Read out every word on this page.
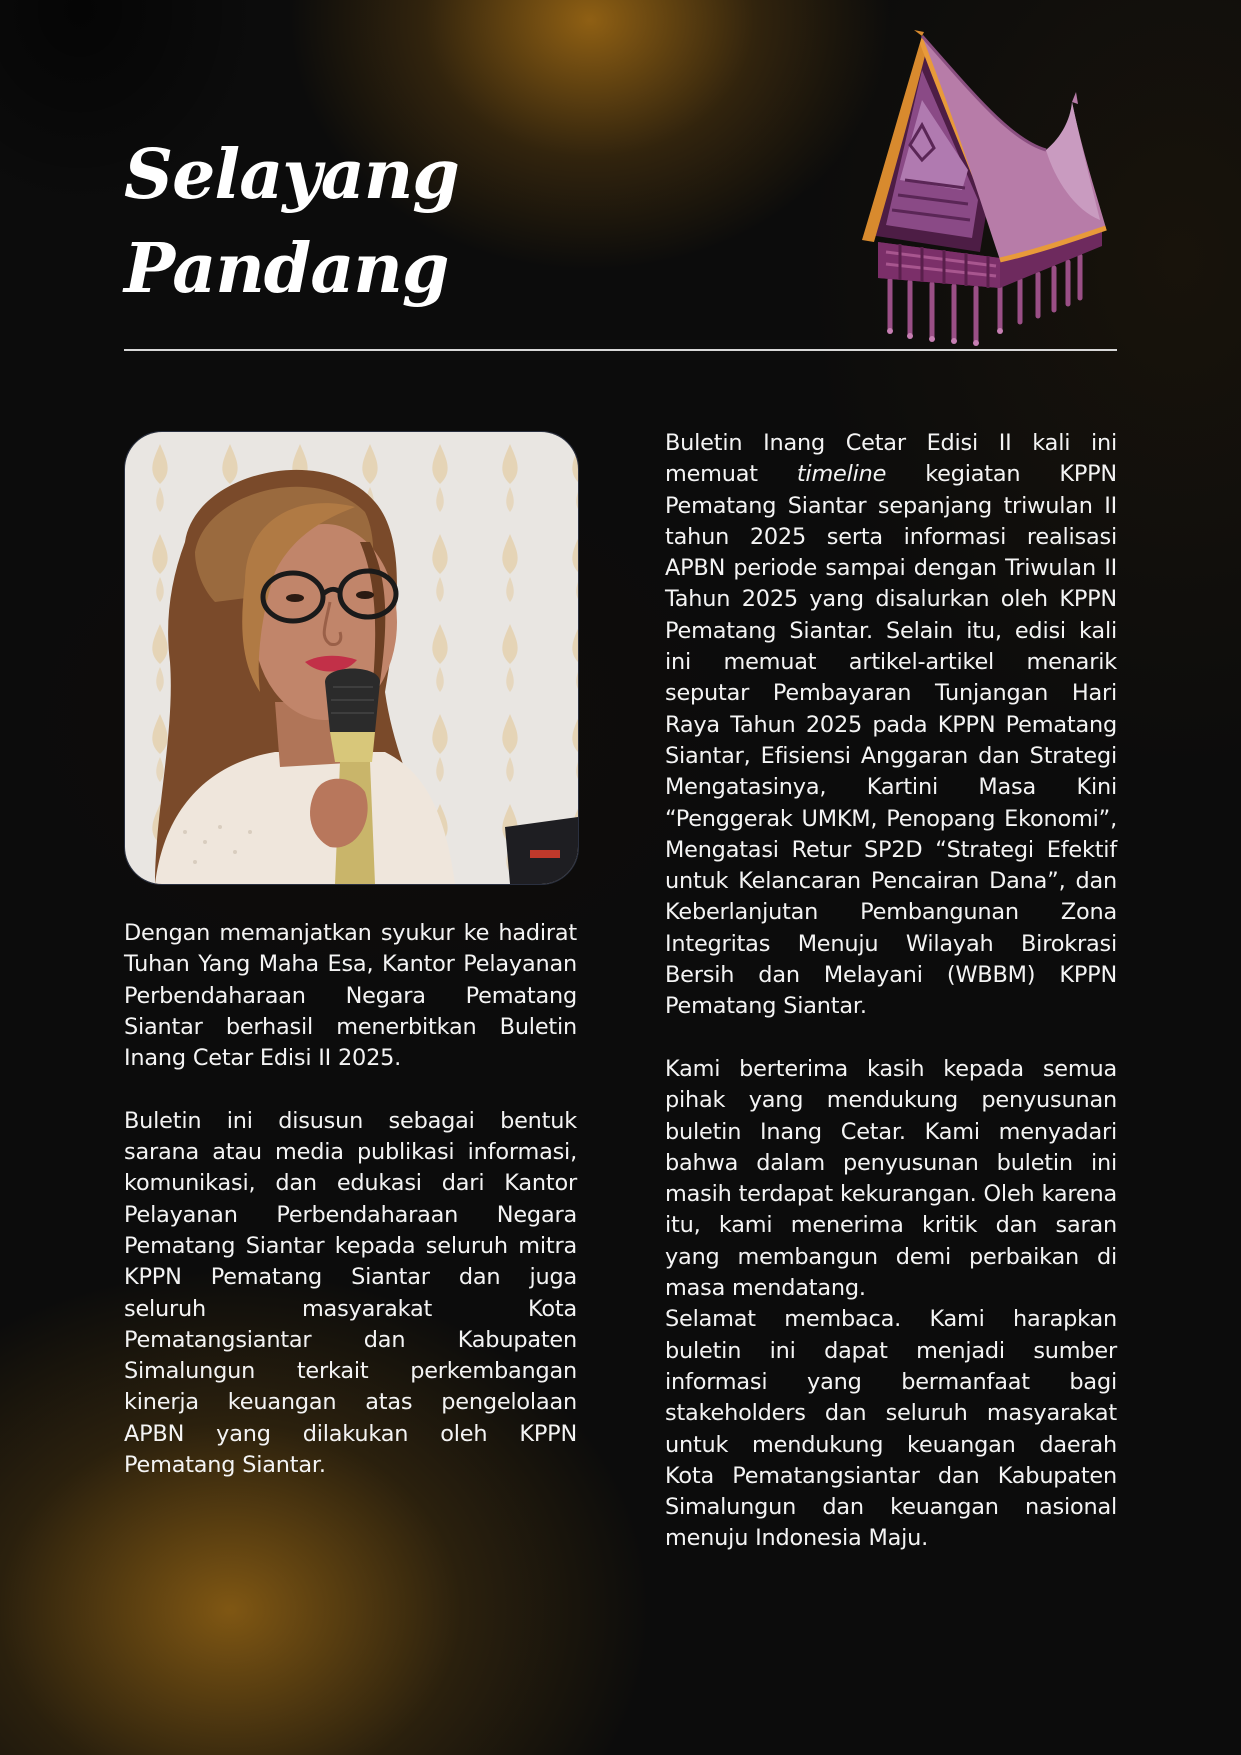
Selayang
Pandang

Dengan memanjatkan syukur ke hadirat Tuhan Yang Maha Esa, Kantor Pelayanan Perbendaharaan Negara Pematang Siantar berhasil menerbitkan Buletin Inang Cetar Edisi II 2025.

Buletin ini disusun sebagai bentuk sarana atau media publikasi informasi, komunikasi, dan edukasi dari Kantor Pelayanan Perbendaharaan Negara Pematang Siantar kepada seluruh mitra KPPN Pematang Siantar dan juga seluruh masyarakat Kota Pematangsiantar dan Kabupaten Simalungun terkait perkembangan kinerja keuangan atas pengelolaan APBN yang dilakukan oleh KPPN Pematang Siantar.

Buletin Inang Cetar Edisi II kali ini memuat timeline kegiatan KPPN Pematang Siantar sepanjang triwulan II tahun 2025 serta informasi realisasi APBN periode sampai dengan Triwulan II Tahun 2025 yang disalurkan oleh KPPN Pematang Siantar. Selain itu, edisi kali ini memuat artikel-artikel menarik seputar Pembayaran Tunjangan Hari Raya Tahun 2025 pada KPPN Pematang Siantar, Efisiensi Anggaran dan Strategi Mengatasinya, Kartini Masa Kini “Penggerak UMKM, Penopang Ekonomi”, Mengatasi Retur SP2D “Strategi Efektif untuk Kelancaran Pencairan Dana”, dan Keberlanjutan Pembangunan Zona Integritas Menuju Wilayah Birokrasi Bersih dan Melayani (WBBM) KPPN Pematang Siantar.

Kami berterima kasih kepada semua pihak yang mendukung penyusunan buletin Inang Cetar. Kami menyadari bahwa dalam penyusunan buletin ini masih terdapat kekurangan. Oleh karena itu, kami menerima kritik dan saran yang membangun demi perbaikan di masa mendatang.

Selamat membaca. Kami harapkan buletin ini dapat menjadi sumber informasi yang bermanfaat bagi stakeholders dan seluruh masyarakat untuk mendukung keuangan daerah Kota Pematangsiantar dan Kabupaten Simalungun dan keuangan nasional menuju Indonesia Maju.
